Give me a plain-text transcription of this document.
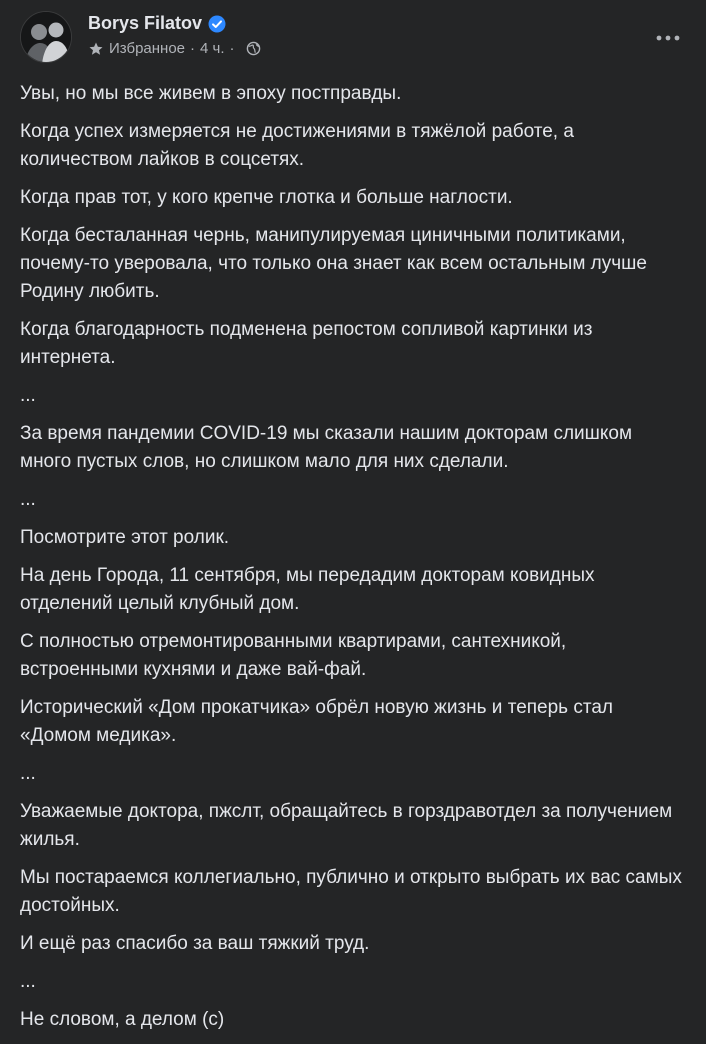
Borys Filatov
Избранное · 4 ч. ·

Увы, но мы все живем в эпоху постправды.

Когда успех измеряется не достижениями в тяжёлой работе, а количеством лайков в соцсетях.

Когда прав тот, у кого крепче глотка и больше наглости.

Когда бесталанная чернь, манипулируемая циничными политиками, почему-то уверовала, что только она знает как всем остальным лучше Родину любить.

Когда благодарность подменена репостом сопливой картинки из интернета.

...

За время пандемии COVID-19 мы сказали нашим докторам слишком много пустых слов, но слишком мало для них сделали.

...

Посмотрите этот ролик.

На день Города, 11 сентября, мы передадим докторам ковидных отделений целый клубный дом.

С полностью отремонтированными квартирами, сантехникой, встроенными кухнями и даже вай-фай.

Исторический «Дом прокатчика» обрёл новую жизнь и теперь стал «Домом медика».

...

Уважаемые доктора, пжслт, обращайтесь в горздравотдел за получением жилья.

Мы постараемся коллегиально, публично и открыто выбрать их вас самых достойных.

И ещё раз спасибо за ваш тяжкий труд.

...

Не словом, а делом (с)
